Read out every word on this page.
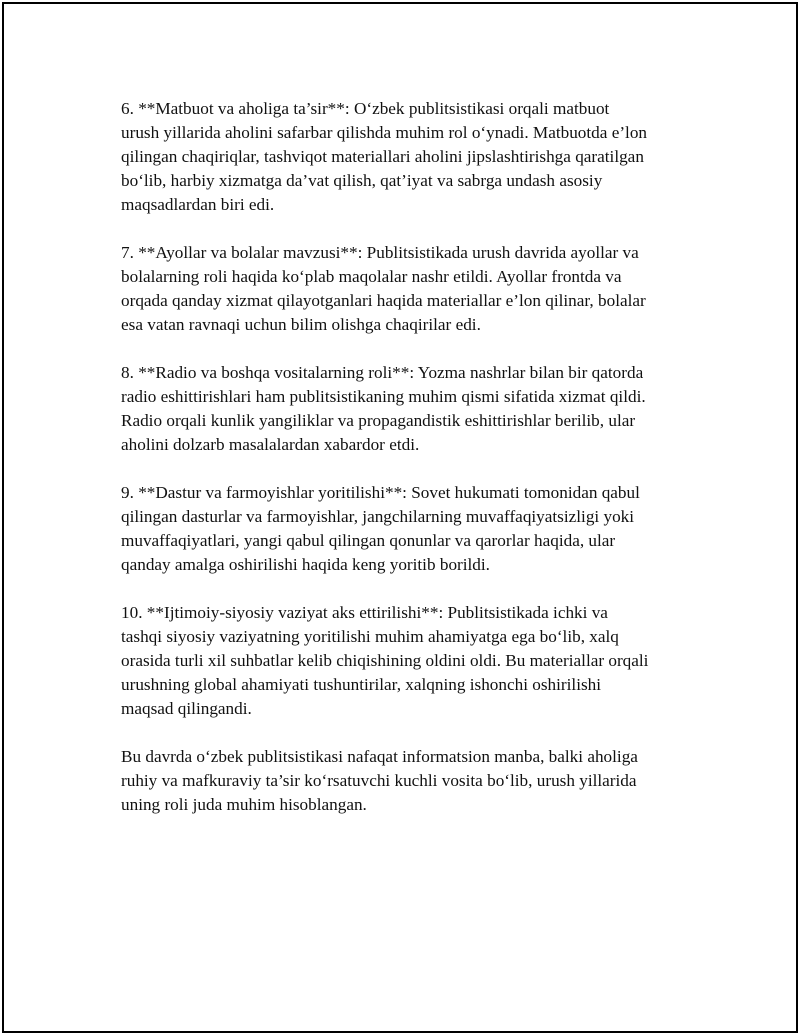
6. **Matbuot va aholiga ta’sir**: O‘zbek publitsistikasi orqali matbuot
urush yillarida aholini safarbar qilishda muhim rol o‘ynadi. Matbuotda e’lon
qilingan chaqiriqlar, tashviqot materiallari aholini jipslashtirishga qaratilgan
bo‘lib, harbiy xizmatga da’vat qilish, qat’iyat va sabrga undash asosiy
maqsadlardan biri edi.

7. **Ayollar va bolalar mavzusi**: Publitsistikada urush davrida ayollar va
bolalarning roli haqida ko‘plab maqolalar nashr etildi. Ayollar frontda va
orqada qanday xizmat qilayotganlari haqida materiallar e’lon qilinar, bolalar
esa vatan ravnaqi uchun bilim olishga chaqirilar edi.

8. **Radio va boshqa vositalarning roli**: Yozma nashrlar bilan bir qatorda
radio eshittirishlari ham publitsistikaning muhim qismi sifatida xizmat qildi.
Radio orqali kunlik yangiliklar va propagandistik eshittirishlar berilib, ular
aholini dolzarb masalalardan xabardor etdi.

9. **Dastur va farmoyishlar yoritilishi**: Sovet hukumati tomonidan qabul
qilingan dasturlar va farmoyishlar, jangchilarning muvaffaqiyatsizligi yoki
muvaffaqiyatlari, yangi qabul qilingan qonunlar va qarorlar haqida, ular
qanday amalga oshirilishi haqida keng yoritib borildi.

10. **Ijtimoiy-siyosiy vaziyat aks ettirilishi**: Publitsistikada ichki va
tashqi siyosiy vaziyatning yoritilishi muhim ahamiyatga ega bo‘lib, xalq
orasida turli xil suhbatlar kelib chiqishining oldini oldi. Bu materiallar orqali
urushning global ahamiyati tushuntirilar, xalqning ishonchi oshirilishi
maqsad qilingandi.

Bu davrda o‘zbek publitsistikasi nafaqat informatsion manba, balki aholiga
ruhiy va mafkuraviy ta’sir ko‘rsatuvchi kuchli vosita bo‘lib, urush yillarida
uning roli juda muhim hisoblangan.
